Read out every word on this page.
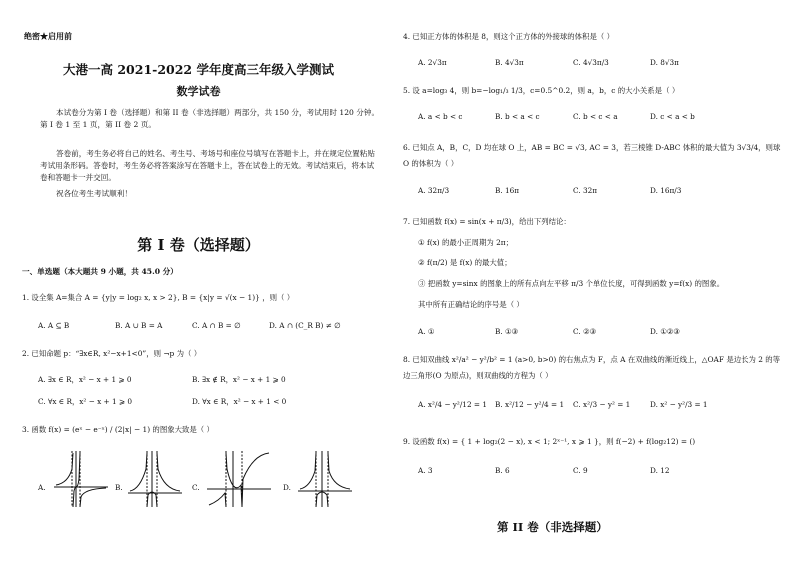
绝密★启用前
大港一高 2021-2022 学年度高三年级入学测试
数学试卷
本试卷分为第 I 卷（选择题）和第 II 卷（非选择题）两部分，共 150 分，考试用时 120 分钟。第 I 卷 1 至 1 页，第 II 卷 2 页。
答卷前，考生务必将自己的姓名、考生号、考场号和座位号填写在答题卡上，并在规定位置粘贴考试用条形码。答卷时，考生务必将答案涂写在答题卡上，答在试卷上的无效。考试结束后，将本试卷和答题卡一并交回。
祝各位考生考试顺利！
第 I 卷（选择题）
一、单选题（本大题共 9 小题，共 45.0 分）
1. 设全集 A=集合 A = {y|y = log₂ x, x > 2}, B = {x|y = √(x − 1)} ，则（ ）
A. A ⊆ B	B. A ∪ B = A	C. A ∩ B = ∅	D. A ∩ (C_R B) ≠ ∅
2. 已知命题 p：“∃x∈R, x²−x+1<0”，则 ¬p 为（ ）
A. ∃x ∈ R，x² − x + 1 ⩾ 0	B. ∃x ∉ R，x² − x + 1 ⩾ 0
C. ∀x ∈ R，x² − x + 1 ⩾ 0	D. ∀x ∈ R，x² − x + 1 < 0
3. 函数 f(x) = (eˣ − e⁻ˣ) / (2|x| − 1) 的图象大致是（ ）
A.	B.	C.	D.
4. 已知正方体的体积是 8，则这个正方体的外接球的体积是（ ）
A. 2√3π	B. 4√3π	C. 4√3π/3	D. 8√3π
5. 设 a=log₃ 4，则 b=−log₁/₃ 1/3，c=0.5^0.2，则 a，b，c 的大小关系是（ ）
A. a < b < c	B. b < a < c	C. b < c < a	D. c < a < b
6. 已知点 A，B，C，D 均在球 O 上，AB = BC = √3, AC = 3，若三棱锥 D-ABC 体积的最大值为 3√3/4，则球 O 的体积为（ ）
A. 32π/3	B. 16π	C. 32π	D. 16π/3
7. 已知函数 f(x) = sin(x + π/3)，给出下列结论：
① f(x) 的最小正周期为 2π；
② f(π/2) 是 f(x) 的最大值；
③ 把函数 y=sinx 的图象上的所有点向左平移 π/3 个单位长度，可得到函数 y=f(x) 的图象。
其中所有正确结论的序号是（ ）
A. ①	B. ①③	C. ②③	D. ①②③
8. 已知双曲线 x²/a² − y²/b² = 1 (a>0, b>0) 的右焦点为 F，点 A 在双曲线的渐近线上，△OAF 是边长为 2 的等边三角形(O 为原点)，则双曲线的方程为（ ）
A. x²/4 − y²/12 = 1 B. x²/12 − y²/4 = 1 C. x²/3 − y² = 1	D. x² − y²/3 = 1
9. 设函数 f(x) = { 1 + log₂(2 − x), x < 1; 2ˣ⁻¹, x ⩾ 1 }，则 f(−2) + f(log₂12) = ()
A. 3	B. 6	C. 9	D. 12
第 II 卷（非选择题）
